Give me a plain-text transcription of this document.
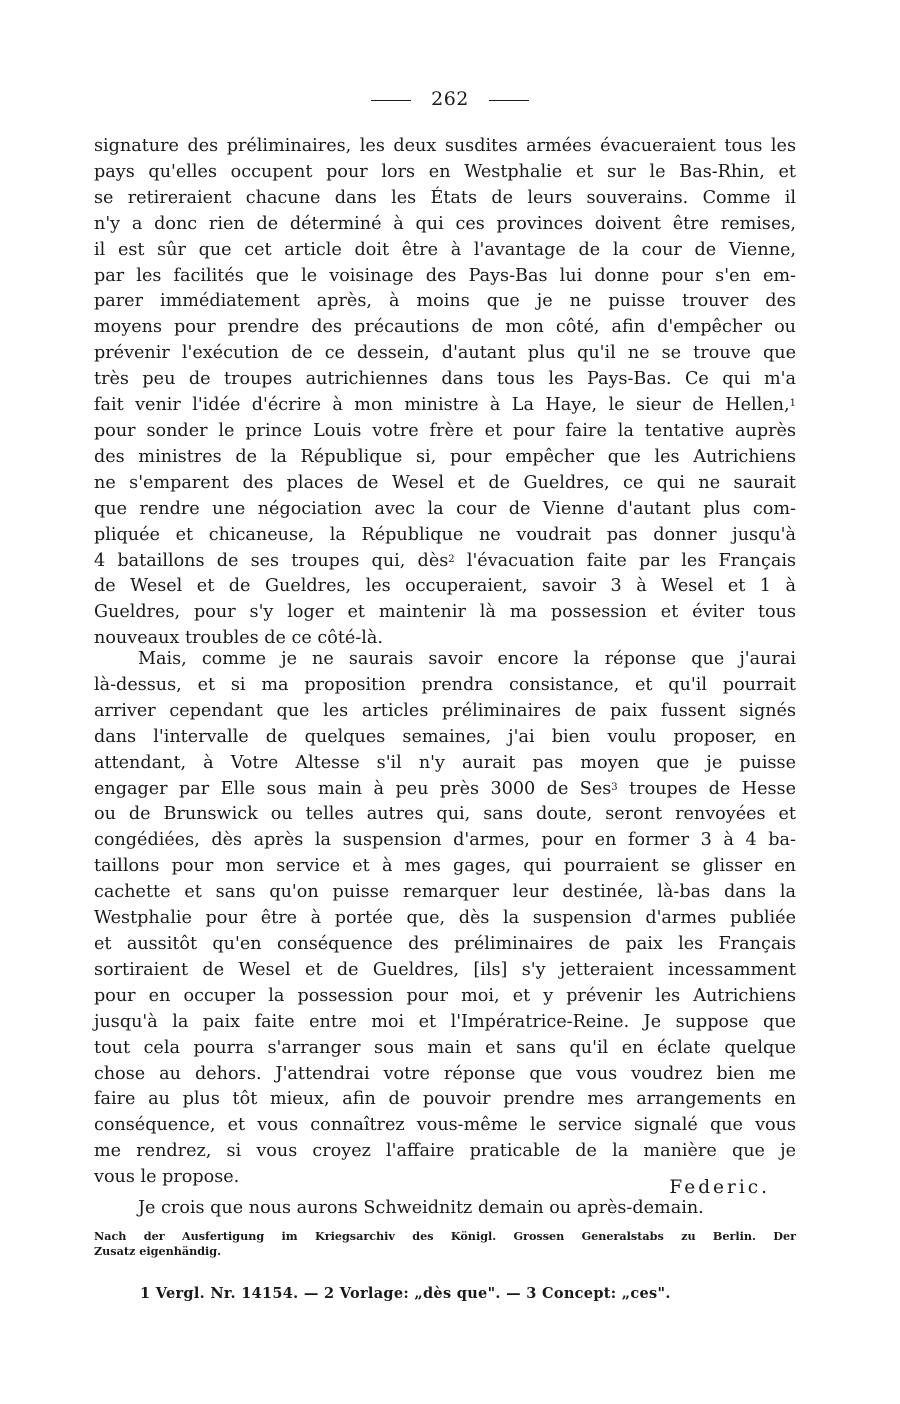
262
signature des préliminaires, les deux susdites armées évacueraient tous les
pays qu'elles occupent pour lors en Westphalie et sur le Bas-Rhin, et
se retireraient chacune dans les États de leurs souverains. Comme il
n'y a donc rien de déterminé à qui ces provinces doivent être remises,
il est sûr que cet article doit être à l'avantage de la cour de Vienne,
par les facilités que le voisinage des Pays-Bas lui donne pour s'en em-
parer immédiatement après, à moins que je ne puisse trouver des
moyens pour prendre des précautions de mon côté, afin d'empêcher ou
prévenir l'exécution de ce dessein, d'autant plus qu'il ne se trouve que
très peu de troupes autrichiennes dans tous les Pays-Bas. Ce qui m'a
fait venir l'idée d'écrire à mon ministre à La Haye, le sieur de Hellen,$^1$
pour sonder le prince Louis votre frère et pour faire la tentative auprès
des ministres de la République si, pour empêcher que les Autrichiens
ne s'emparent des places de Wesel et de Gueldres, ce qui ne saurait
que rendre une négociation avec la cour de Vienne d'autant plus com-
pliquée et chicaneuse, la République ne voudrait pas donner jusqu'à
4 bataillons de ses troupes qui, dès$^2$ l'évacuation faite par les Français
de Wesel et de Gueldres, les occuperaient, savoir 3 à Wesel et 1 à
Gueldres, pour s'y loger et maintenir là ma possession et éviter tous
nouveaux troubles de ce côté-là.
Mais, comme je ne saurais savoir encore la réponse que j'aurai
là-dessus, et si ma proposition prendra consistance, et qu'il pourrait
arriver cependant que les articles préliminaires de paix fussent signés
dans l'intervalle de quelques semaines, j'ai bien voulu proposer, en
attendant, à Votre Altesse s'il n'y aurait pas moyen que je puisse
engager par Elle sous main à peu près 3000 de Ses$^3$ troupes de Hesse
ou de Brunswick ou telles autres qui, sans doute, seront renvoyées et
congédiées, dès après la suspension d'armes, pour en former 3 à 4 ba-
taillons pour mon service et à mes gages, qui pourraient se glisser en
cachette et sans qu'on puisse remarquer leur destinée, là-bas dans la
Westphalie pour être à portée que, dès la suspension d'armes publiée
et aussitôt qu'en conséquence des préliminaires de paix les Français
sortiraient de Wesel et de Gueldres, [ils] s'y jetteraient incessamment
pour en occuper la possession pour moi, et y prévenir les Autrichiens
jusqu'à la paix faite entre moi et l'Impératrice-Reine. Je suppose que
tout cela pourra s'arranger sous main et sans qu'il en éclate quelque
chose au dehors. J'attendrai votre réponse que vous voudrez bien me
faire au plus tôt mieux, afin de pouvoir prendre mes arrangements en
conséquence, et vous connaîtrez vous-même le service signalé que vous
me rendrez, si vous croyez l'affaire praticable de la manière que je
vous le propose.	Federic.
Je crois que nous aurons Schweidnitz demain ou après-demain.
Nach der Ausfertigung im Kriegsarchiv des Königl. Grossen Generalstabs zu Berlin. Der
Zusatz eigenhändig.
1 Vergl. Nr. 14154. — 2 Vorlage: „dès que". — 3 Concept: „ces".
